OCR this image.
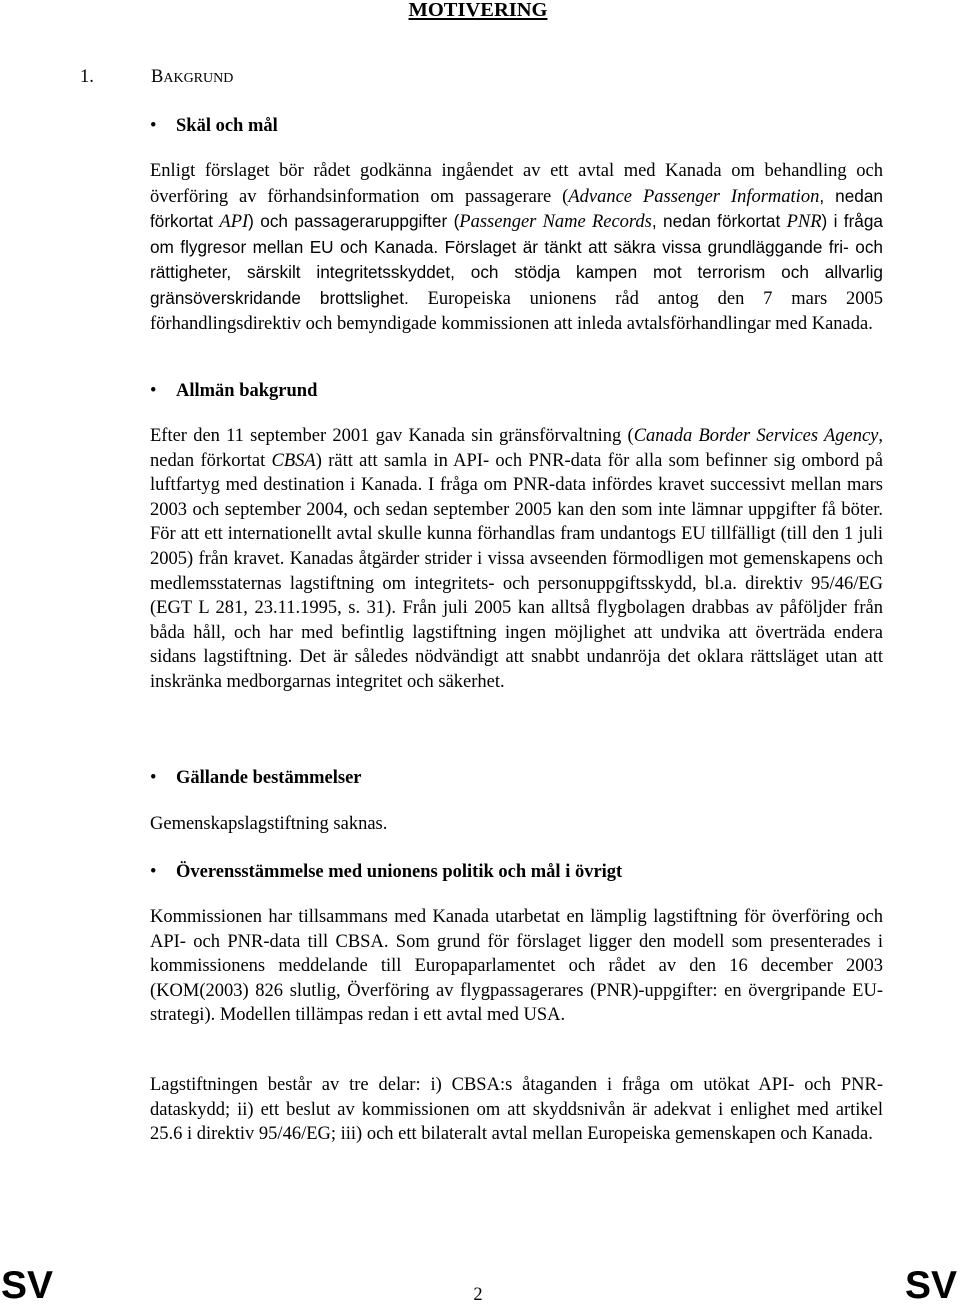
MOTIVERING
1.	BAKGRUND
• Skäl och mål

Enligt förslaget bör rådet godkänna ingåendet av ett avtal med Kanada om behandling och överföring av förhandsinformation om passagerare (Advance Passenger Information, nedan förkortat API) och passageraruppgifter (Passenger Name Records, nedan förkortat PNR) i fråga om flygresor mellan EU och Kanada. Förslaget är tänkt att säkra vissa grundläggande fri- och rättigheter, särskilt integritetsskyddet, och stödja kampen mot terrorism och allvarlig gränsöverskridande brottslighet. Europeiska unionens råd antog den 7 mars 2005 förhandlingsdirektiv och bemyndigade kommissionen att inleda avtalsförhandlingar med Kanada.

• Allmän bakgrund

Efter den 11 september 2001 gav Kanada sin gränsförvaltning (Canada Border Services Agency, nedan förkortat CBSA) rätt att samla in API- och PNR-data för alla som befinner sig ombord på luftfartyg med destination i Kanada. I fråga om PNR-data infördes kravet successivt mellan mars 2003 och september 2004, och sedan september 2005 kan den som inte lämnar uppgifter få böter. För att ett internationellt avtal skulle kunna förhandlas fram undantogs EU tillfälligt (till den 1 juli 2005) från kravet. Kanadas åtgärder strider i vissa avseenden förmodligen mot gemenskapens och medlemsstaternas lagstiftning om integritets- och personuppgiftsskydd, bl.a. direktiv 95/46/EG (EGT L 281, 23.11.1995, s. 31). Från juli 2005 kan alltså flygbolagen drabbas av påföljder från båda håll, och har med befintlig lagstiftning ingen möjlighet att undvika att överträda endera sidans lagstiftning. Det är således nödvändigt att snabbt undanröja det oklara rättsläget utan att inskränka medborgarnas integritet och säkerhet.

• Gällande bestämmelser

Gemenskapslagstiftning saknas.

• Överensstämmelse med unionens politik och mål i övrigt

Kommissionen har tillsammans med Kanada utarbetat en lämplig lagstiftning för överföring och API- och PNR-data till CBSA. Som grund för förslaget ligger den modell som presenterades i kommissionens meddelande till Europaparlamentet och rådet av den 16 december 2003 (KOM(2003) 826 slutlig, Överföring av flygpassagerares (PNR)-uppgifter: en övergripande EU-strategi). Modellen tillämpas redan i ett avtal med USA.

Lagstiftningen består av tre delar: i) CBSA:s åtaganden i fråga om utökat API- och PNR-dataskydd; ii) ett beslut av kommissionen om att skyddsnivån är adekvat i enlighet med artikel 25.6 i direktiv 95/46/EG; iii) och ett bilateralt avtal mellan Europeiska gemenskapen och Kanada.

SV	2	SV
